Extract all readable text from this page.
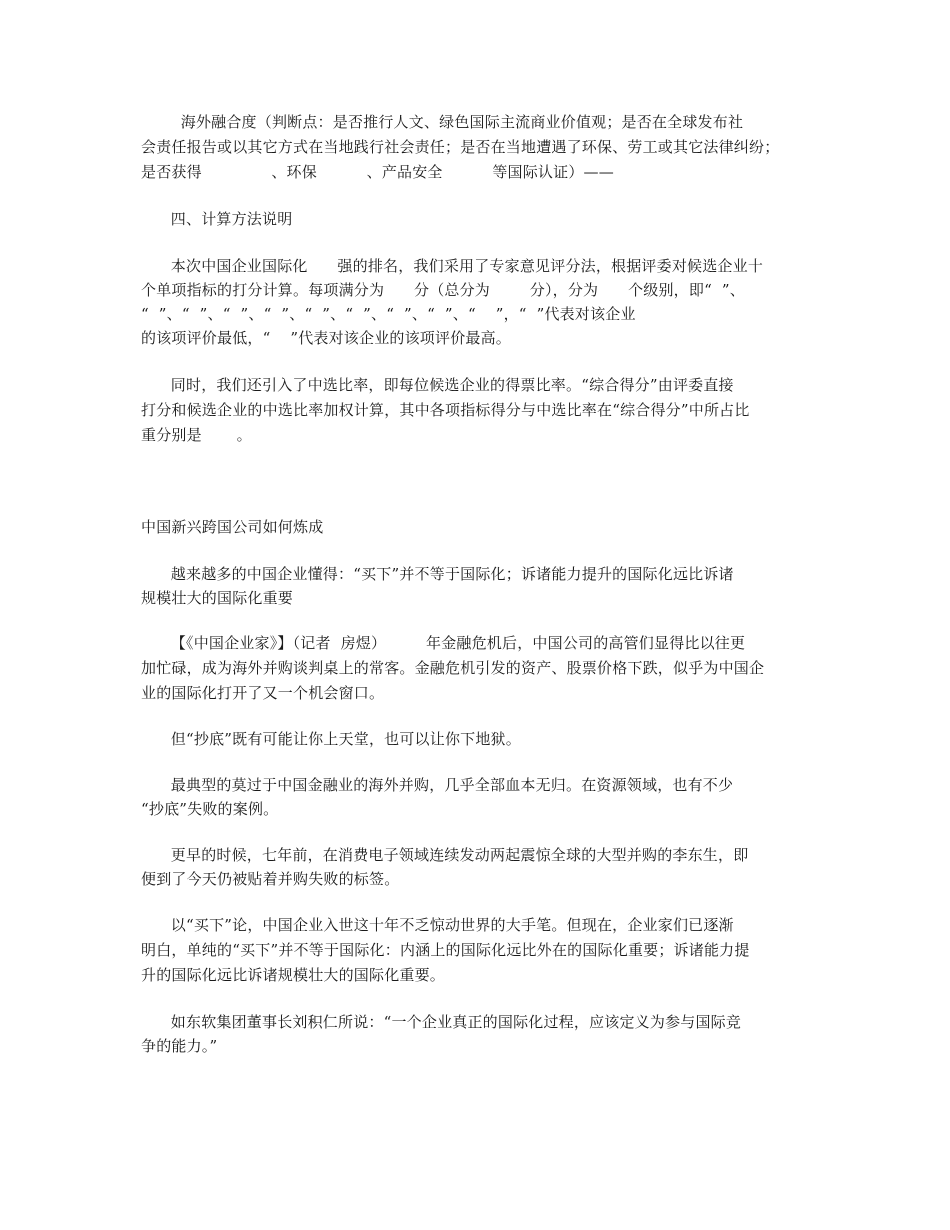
海外融合度（判断点：是否推行人文、绿色国际主流商业价值观；是否在全球发布社

会责任报告或以其它方式在当地践行社会责任；是否在当地遭遇了环保、劳工或其它法律纠纷；

是否获得              、环保          、产品安全          等国际认证）——

四、计算方法说明

本次中国企业国际化      强的排名，我们采用了专家意见评分法，根据评委对候选企业十

个单项指标的打分计算。每项满分为      分（总分为        分），分为      个级别，即“  ”、

“  ”、“  ”、“  ”、“  ”、“  ”、“  ”、“  ”、“  ”、“    ”，“  ”代表对该企业

的该项评价最低，“    ”代表对该企业的该项评价最高。

同时，我们还引入了中选比率，即每位候选企业的得票比率。“综合得分”由评委直接

打分和候选企业的中选比率加权计算，其中各项指标得分与中选比率在“综合得分”中所占比

重分别是       。

中国新兴跨国公司如何炼成

越来越多的中国企业懂得：“买下”并不等于国际化；诉诸能力提升的国际化远比诉诸

规模壮大的国际化重要

【《中国企业家》】（记者  房煜）        年金融危机后，中国公司的高管们显得比以往更

加忙碌，成为海外并购谈判桌上的常客。金融危机引发的资产、股票价格下跌，似乎为中国企

业的国际化打开了又一个机会窗口。

但“抄底”既有可能让你上天堂，也可以让你下地狱。

最典型的莫过于中国金融业的海外并购，几乎全部血本无归。在资源领域，也有不少

“抄底”失败的案例。

更早的时候，七年前，在消费电子领域连续发动两起震惊全球的大型并购的李东生，即

便到了今天仍被贴着并购失败的标签。

以“买下”论，中国企业入世这十年不乏惊动世界的大手笔。但现在，企业家们已逐渐

明白，单纯的“买下”并不等于国际化：内涵上的国际化远比外在的国际化重要；诉诸能力提

升的国际化远比诉诸规模壮大的国际化重要。

如东软集团董事长刘积仁所说：“一个企业真正的国际化过程，应该定义为参与国际竞

争的能力。”
